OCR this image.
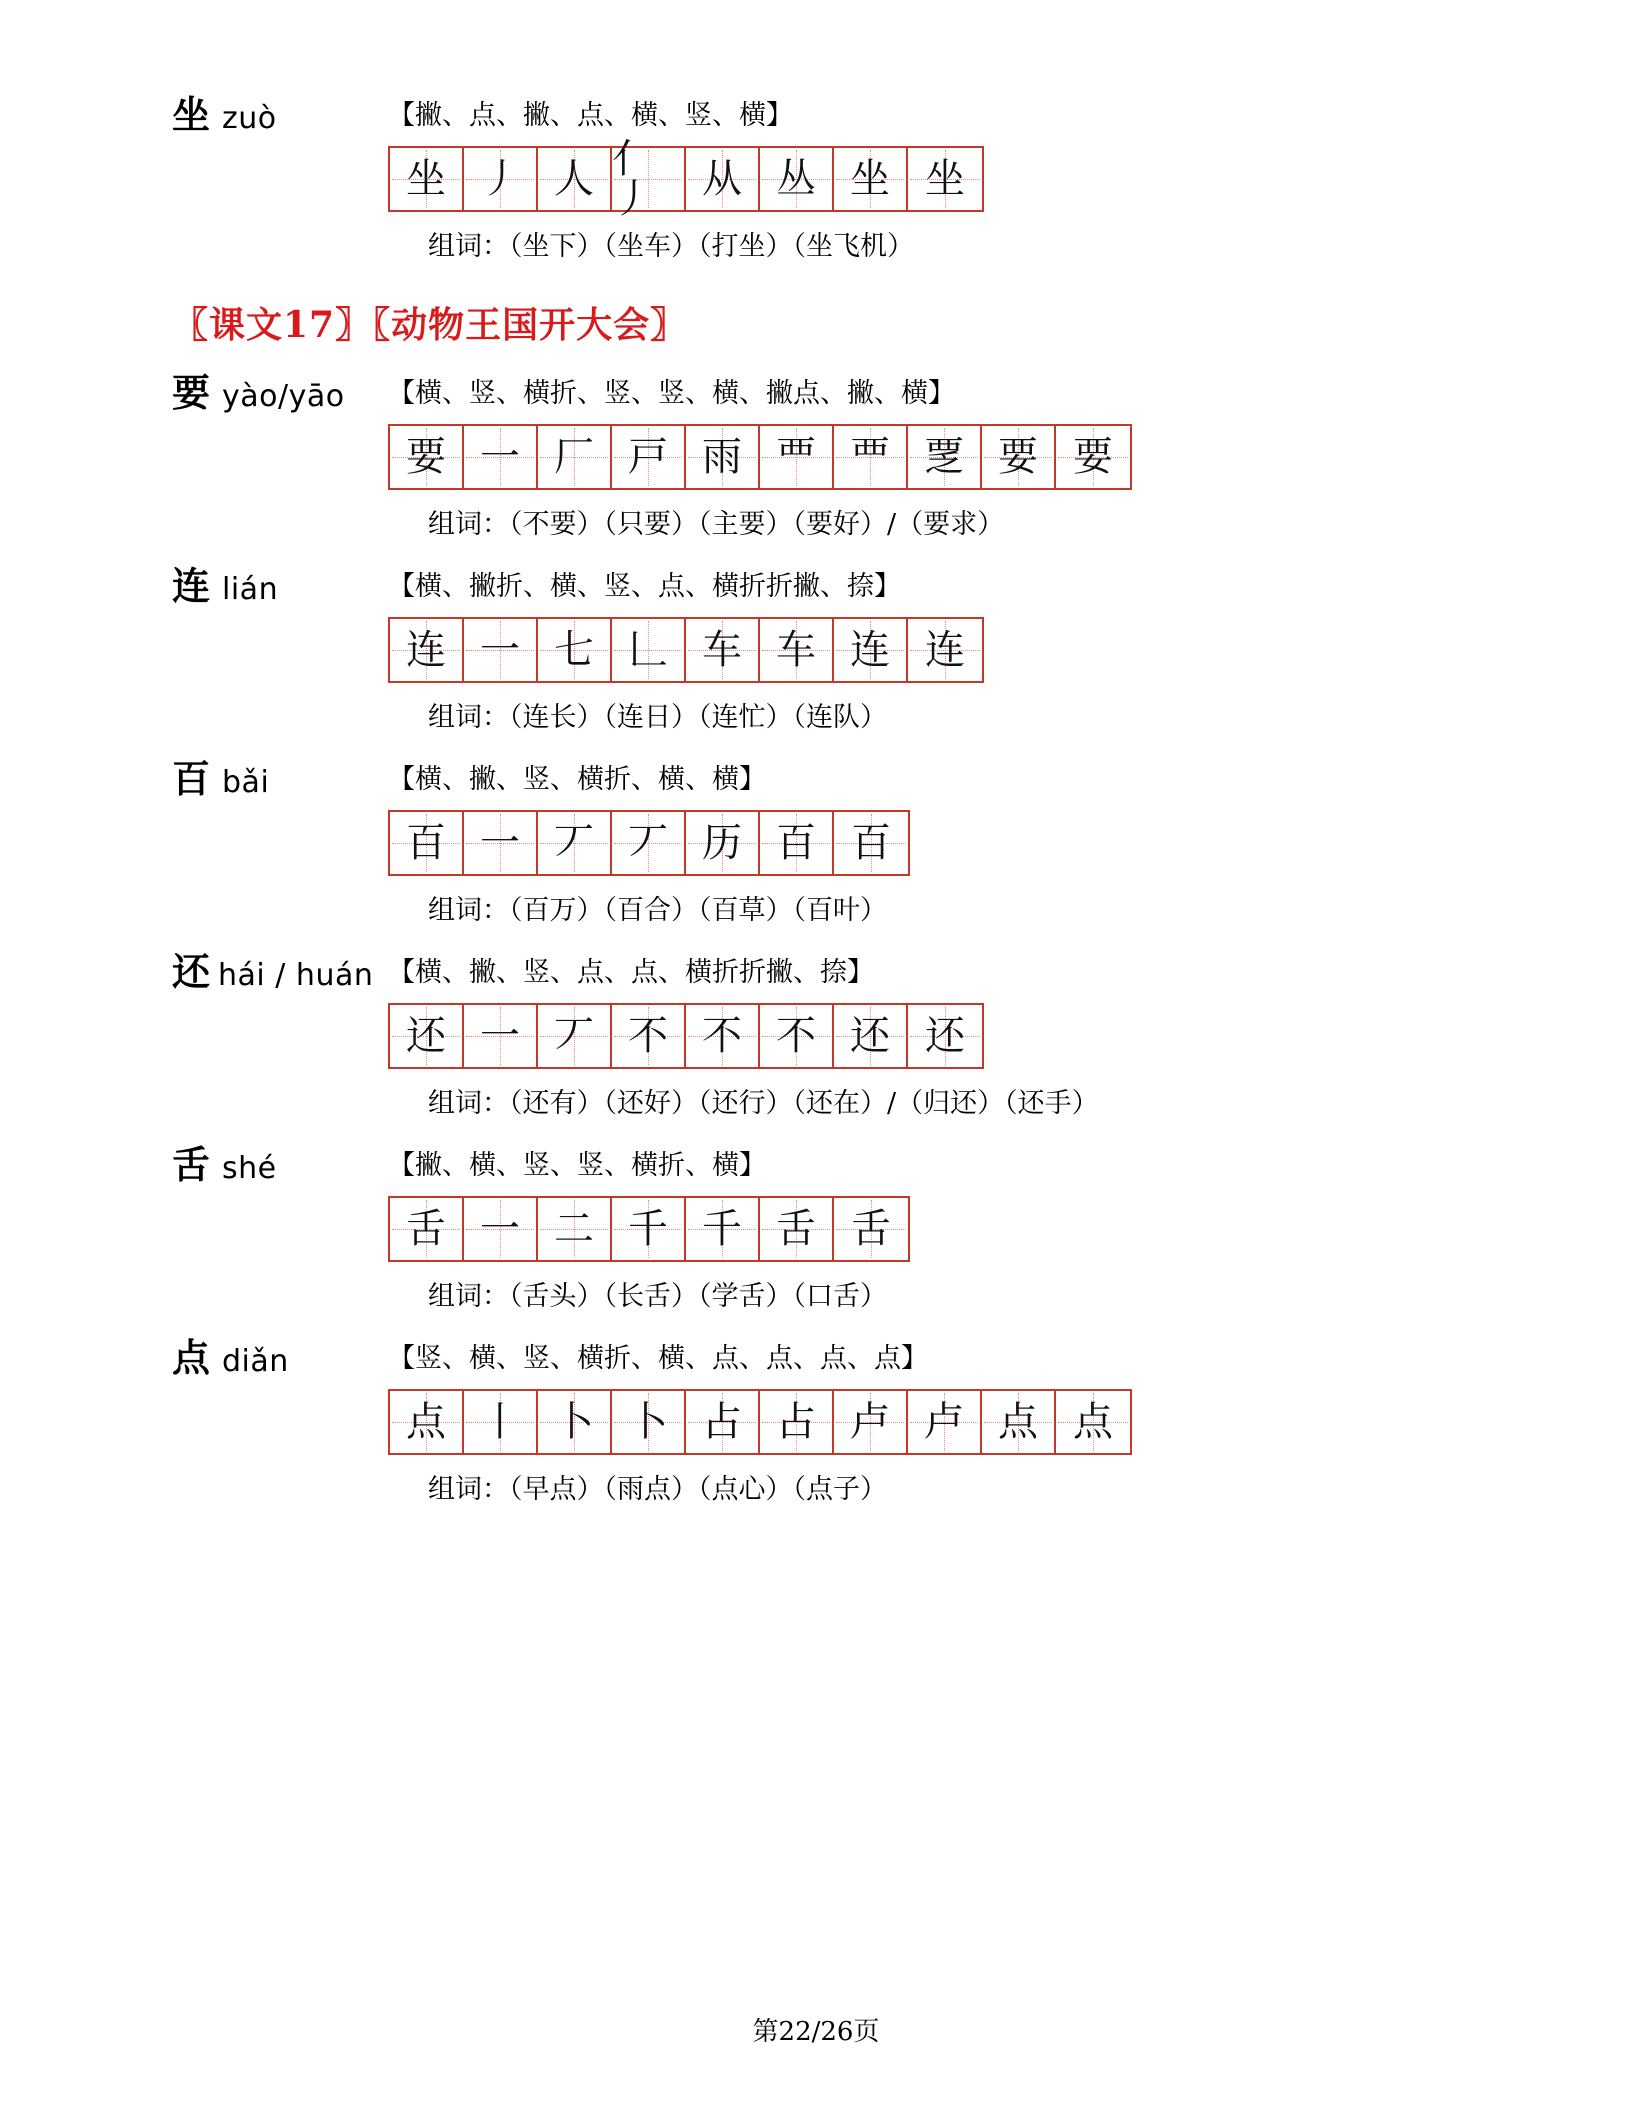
坐 zuò	【撇、点、撇、点、横、竖、横】
坐 丿 人 亻丿	从 丛 坐 坐
组词：（坐下）（坐车）（打坐）（坐飞机）
〖课文17〗〖动物王国开大会〗
要 yào/yāo 【横、竖、横折、竖、竖、横、撇点、撇、横】
要 一 厂 戸 雨 覀 覀 覂 要 要
组词：（不要）（只要）（主要）（要好）/（要求）
连 lián	【横、撇折、横、竖、点、横折折撇、捺】
连 一 七 𠃊 车 车 连 连
组词：（连长）（连日）（连忙）（连队）
百 bǎi	【横、撇、竖、横折、横、横】
百 一 丆 丆 历 百 百
组词：（百万）（百合）（百草）（百叶）
还 hái / huán 【横、撇、竖、点、点、横折折撇、捺】
还 一 丆 不 不 不 还 还
组词：（还有）（还好）（还行）（还在）/（归还）（还手）
舌 shé	【撇、横、竖、竖、横折、横】
舌 一 二 千 千 舌 舌
组词：（舌头）（长舌）（学舌）（口舌）
点 diǎn	【竖、横、竖、横折、横、点、点、点、点】
点 丨 卜 卜 占 占 卢 卢 点 点
组词：（早点）（雨点）（点心）（点子）
第22/26页
